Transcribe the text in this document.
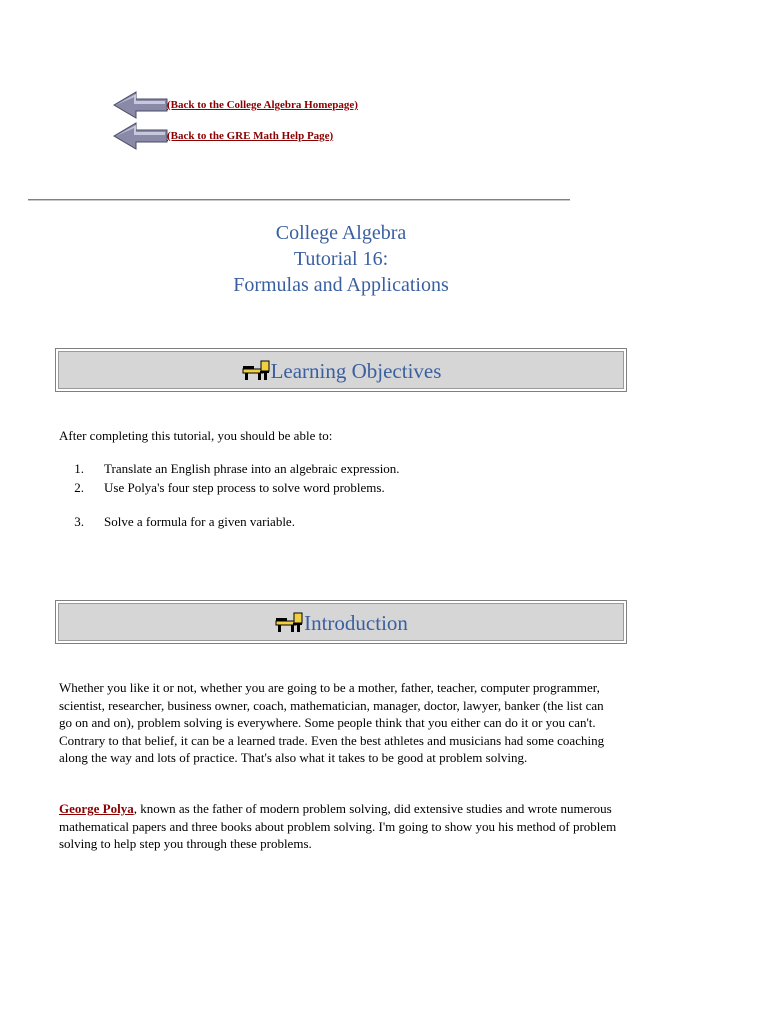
(Back to the College Algebra Homepage)
(Back to the GRE Math Help Page)
College Algebra
Tutorial 16:
Formulas and Applications
Learning Objectives
After completing this tutorial, you should be able to:
1. Translate an English phrase into an algebraic expression.
2. Use Polya's four step process to solve word problems.
3. Solve a formula for a given variable.
Introduction
Whether you like it or not, whether you are going to be a mother, father, teacher, computer programmer, scientist, researcher, business owner, coach, mathematician, manager, doctor, lawyer, banker (the list can go on and on), problem solving is everywhere. Some people think that you either can do it or you can't. Contrary to that belief, it can be a learned trade. Even the best athletes and musicians had some coaching along the way and lots of practice. That's also what it takes to be good at problem solving.
George Polya, known as the father of modern problem solving, did extensive studies and wrote numerous mathematical papers and three books about problem solving. I'm going to show you his method of problem solving to help step you through these problems.
